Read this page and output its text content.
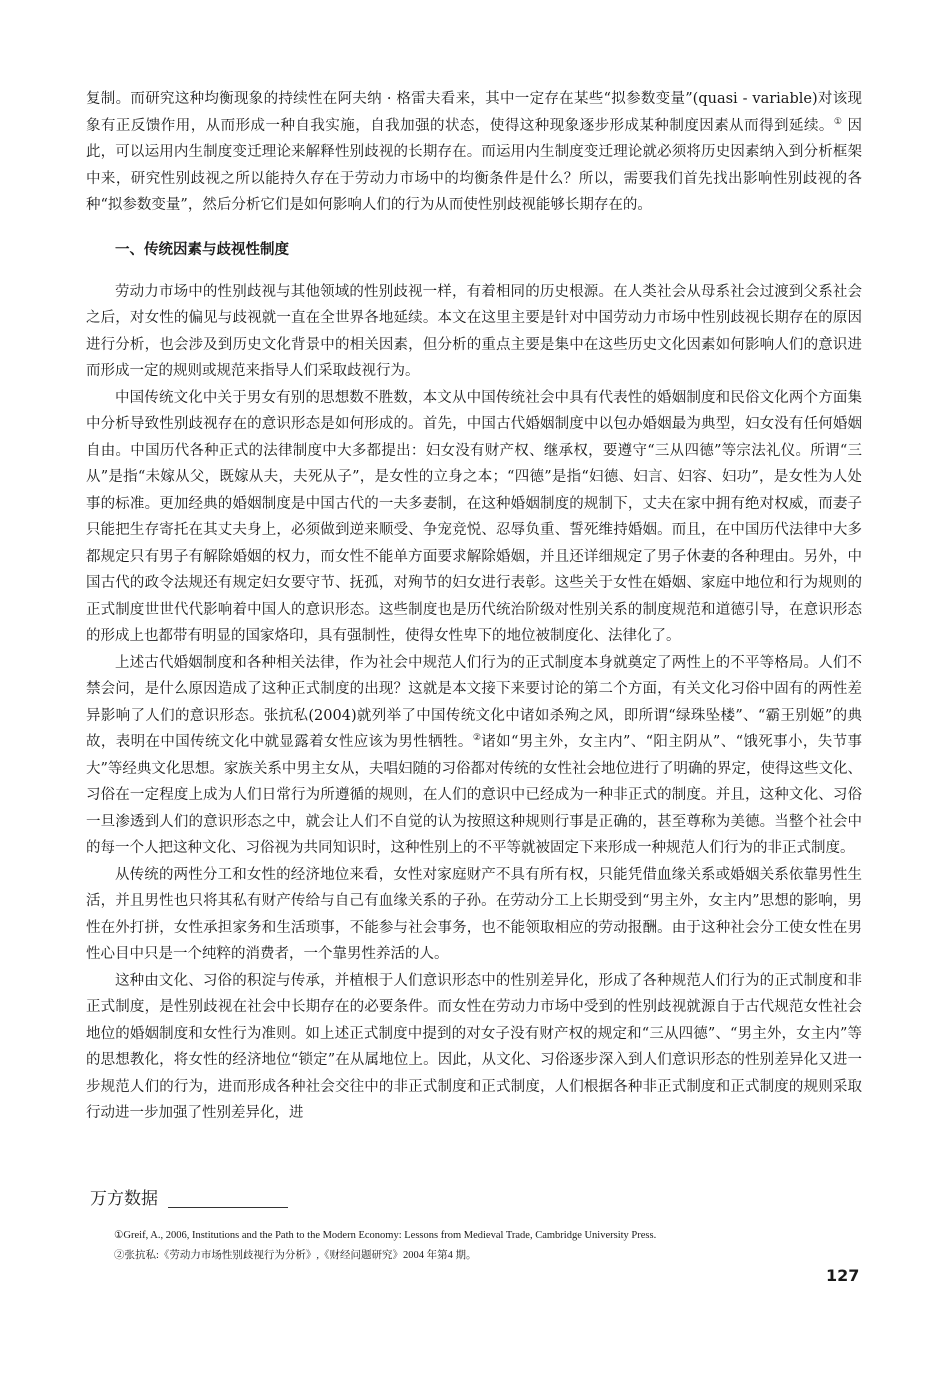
复制。而研究这种均衡现象的持续性在阿夫纳 · 格雷夫看来，其中一定存在某些“拟参数变量”(quasi - variable)对该现象有正反馈作用，从而形成一种自我实施，自我加强的状态，使得这种现象逐步形成某种制度因素从而得到延续。① 因此，可以运用内生制度变迁理论来解释性别歧视的长期存在。而运用内生制度变迁理论就必须将历史因素纳入到分析框架中来，研究性别歧视之所以能持久存在于劳动力市场中的均衡条件是什么？所以，需要我们首先找出影响性别歧视的各种“拟参数变量”，然后分析它们是如何影响人们的行为从而使性别歧视能够长期存在的。

一、传统因素与歧视性制度

劳动力市场中的性别歧视与其他领域的性别歧视一样，有着相同的历史根源。在人类社会从母系社会过渡到父系社会之后，对女性的偏见与歧视就一直在全世界各地延续。本文在这里主要是针对中国劳动力市场中性别歧视长期存在的原因进行分析，也会涉及到历史文化背景中的相关因素，但分析的重点主要是集中在这些历史文化因素如何影响人们的意识进而形成一定的规则或规范来指导人们采取歧视行为。

中国传统文化中关于男女有别的思想数不胜数，本文从中国传统社会中具有代表性的婚姻制度和民俗文化两个方面集中分析导致性别歧视存在的意识形态是如何形成的。首先，中国古代婚姻制度中以包办婚姻最为典型，妇女没有任何婚姻自由。中国历代各种正式的法律制度中大多都提出：妇女没有财产权、继承权，要遵守“三从四德”等宗法礼仪。所谓“三从”是指“未嫁从父，既嫁从夫，夫死从子”，是女性的立身之本；“四德”是指“妇德、妇言、妇容、妇功”，是女性为人处事的标准。更加经典的婚姻制度是中国古代的一夫多妻制，在这种婚姻制度的规制下，丈夫在家中拥有绝对权威，而妻子只能把生存寄托在其丈夫身上，必须做到逆来顺受、争宠竞悦、忍辱负重、誓死维持婚姻。而且，在中国历代法律中大多都规定只有男子有解除婚姻的权力，而女性不能单方面要求解除婚姻，并且还详细规定了男子休妻的各种理由。另外，中国古代的政令法规还有规定妇女要守节、抚孤，对殉节的妇女进行表彰。这些关于女性在婚姻、家庭中地位和行为规则的正式制度世世代代影响着中国人的意识形态。这些制度也是历代统治阶级对性别关系的制度规范和道德引导，在意识形态的形成上也都带有明显的国家烙印，具有强制性，使得女性卑下的地位被制度化、法律化了。

上述古代婚姻制度和各种相关法律，作为社会中规范人们行为的正式制度本身就奠定了两性上的不平等格局。人们不禁会问，是什么原因造成了这种正式制度的出现？这就是本文接下来要讨论的第二个方面，有关文化习俗中固有的两性差异影响了人们的意识形态。张抗私(2004)就列举了中国传统文化中诸如杀殉之风，即所谓“绿珠坠楼”、“霸王别姬”的典故，表明在中国传统文化中就显露着女性应该为男性牺牲。②诸如“男主外，女主内”、“阳主阴从”、“饿死事小，失节事大”等经典文化思想。家族关系中男主女从，夫唱妇随的习俗都对传统的女性社会地位进行了明确的界定，使得这些文化、习俗在一定程度上成为人们日常行为所遵循的规则，在人们的意识中已经成为一种非正式的制度。并且，这种文化、习俗一旦渗透到人们的意识形态之中，就会让人们不自觉的认为按照这种规则行事是正确的，甚至尊称为美德。当整个社会中的每一个人把这种文化、习俗视为共同知识时，这种性别上的不平等就被固定下来形成一种规范人们行为的非正式制度。

从传统的两性分工和女性的经济地位来看，女性对家庭财产不具有所有权，只能凭借血缘关系或婚姻关系依靠男性生活，并且男性也只将其私有财产传给与自己有血缘关系的子孙。在劳动分工上长期受到“男主外，女主内”思想的影响，男性在外打拼，女性承担家务和生活琐事，不能参与社会事务，也不能领取相应的劳动报酬。由于这种社会分工使女性在男性心目中只是一个纯粹的消费者，一个靠男性养活的人。

这种由文化、习俗的积淀与传承，并植根于人们意识形态中的性别差异化，形成了各种规范人们行为的正式制度和非正式制度，是性别歧视在社会中长期存在的必要条件。而女性在劳动力市场中受到的性别歧视就源自于古代规范女性社会地位的婚姻制度和女性行为准则。如上述正式制度中提到的对女子没有财产权的规定和“三从四德”、“男主外，女主内”等的思想教化，将女性的经济地位“锁定”在从属地位上。因此，从文化、习俗逐步深入到人们意识形态的性别差异化又进一步规范人们的行为，进而形成各种社会交往中的非正式制度和正式制度，人们根据各种非正式制度和正式制度的规则采取行动进一步加强了性别差异化，进

万方数据
①Greif, A., 2006, Institutions and the Path to the Modern Economy: Lessons from Medieval Trade, Cambridge University Press.
②张抗私:《劳动力市场性别歧视行为分析》,《财经问题研究》2004 年第4 期。
127
